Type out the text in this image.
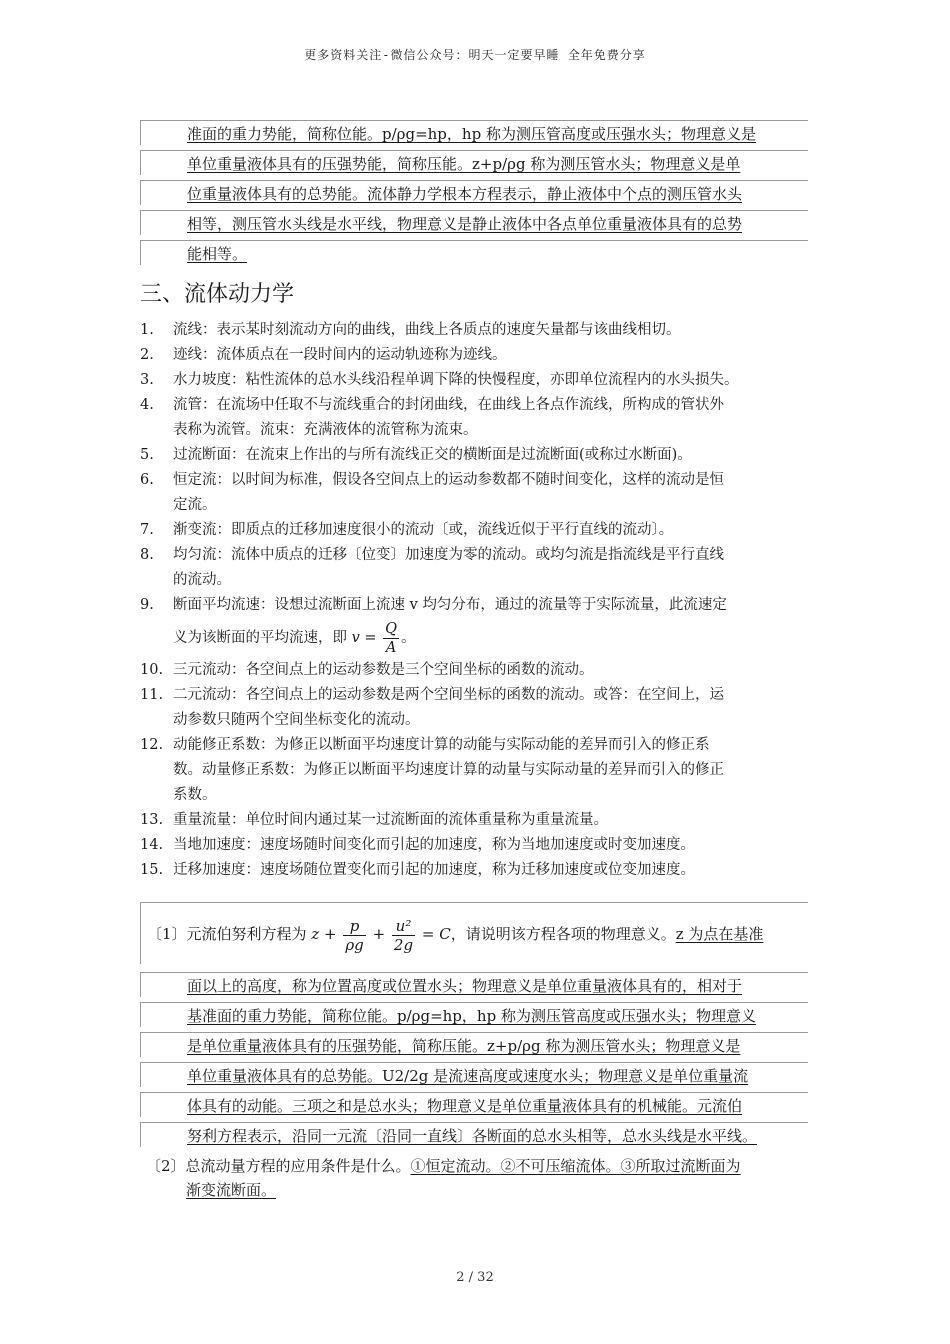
更多资料关注-微信公众号：明天一定要早睡 全年免费分享
准面的重力势能，简称位能。p/ρg=hp，hp 称为测压管高度或压强水头；物理意义是
单位重量液体具有的压强势能，简称压能。z+p/ρg 称为测压管水头；物理意义是单
位重量液体具有的总势能。流体静力学根本方程表示，静止液体中个点的测压管水头
相等，测压管水头线是水平线，物理意义是静止液体中各点单位重量液体具有的总势
能相等。
三、流体动力学
1.	流线：表示某时刻流动方向的曲线，曲线上各质点的速度矢量都与该曲线相切。
2.	迹线：流体质点在一段时间内的运动轨迹称为迹线。
3.	水力坡度：粘性流体的总水头线沿程单调下降的快慢程度，亦即单位流程内的水头损失。
4.	流管：在流场中任取不与流线重合的封闭曲线，在曲线上各点作流线，所构成的管状外
表称为流管。流束：充满液体的流管称为流束。
5.	过流断面：在流束上作出的与所有流线正交的横断面是过流断面(或称过水断面)。
6.	恒定流：以时间为标准，假设各空间点上的运动参数都不随时间变化，这样的流动是恒
定流。
7.	渐变流：即质点的迁移加速度很小的流动〔或，流线近似于平行直线的流动〕。
8.	均匀流：流体中质点的迁移〔位变〕加速度为零的流动。或均匀流是指流线是平行直线
的流动。
9.	断面平均流速：设想过流断面上流速 v 均匀分布，通过的流量等于实际流量，此流速定
义为该断面的平均流速，即 $v = \frac{Q}{A}$ 。
10. 三元流动：各空间点上的运动参数是三个空间坐标的函数的流动。
11. 二元流动：各空间点上的运动参数是两个空间坐标的函数的流动。或答：在空间上，运
动参数只随两个空间坐标变化的流动。
12. 动能修正系数：为修正以断面平均速度计算的动能与实际动能的差异而引入的修正系
数。动量修正系数：为修正以断面平均速度计算的动量与实际动量的差异而引入的修正
系数。
13. 重量流量：单位时间内通过某一过流断面的流体重量称为重量流量。
14. 当地加速度：速度场随时间变化而引起的加速度，称为当地加速度或时变加速度。
15. 迁移加速度：速度场随位置变化而引起的加速度，称为迁移加速度或位变加速度。
〔1〕元流伯努利方程为 $z + \frac{p}{\rho g} + \frac{\text{u²}}{2g} = C$，请说明该方程各项的物理意义。z 为点在基准
面以上的高度，称为位置高度或位置水头；物理意义是单位重量液体具有的，相对于
基准面的重力势能，简称位能。p/ρg=hp，hp 称为测压管高度或压强水头；物理意义
是单位重量液体具有的压强势能，简称压能。z+p/ρg 称为测压管水头；物理意义是
单位重量液体具有的总势能。U2/2g 是流速高度或速度水头；物理意义是单位重量流
体具有的动能。三项之和是总水头；物理意义是单位重量液体具有的机械能。元流伯
努利方程表示，沿同一元流〔沿同一直线〕各断面的总水头相等，总水头线是水平线。
〔2〕总流动量方程的应用条件是什么。①恒定流动。②不可压缩流体。③所取过流断面为
渐变流断面。
2 / 32
